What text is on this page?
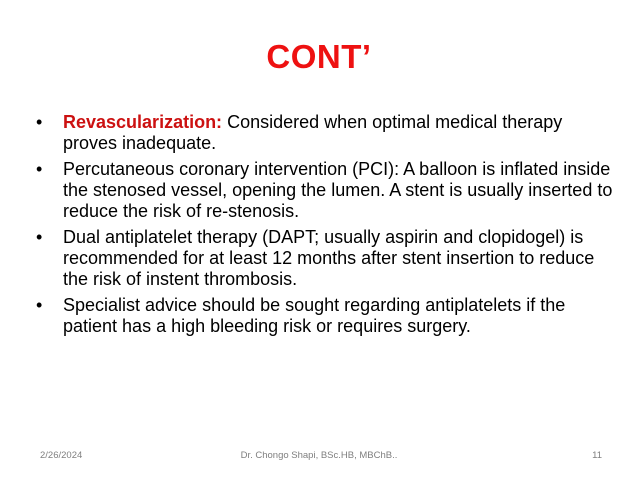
CONT’
• Revascularization: Considered when optimal medical therapy proves inadequate.
• Percutaneous coronary intervention (PCI): A balloon is inflated inside the stenosed vessel, opening the lumen. A stent is usually inserted to reduce the risk of re-stenosis.
• Dual antiplatelet therapy (DAPT; usually aspirin and clopidogel) is recommended for at least 12 months after stent insertion to reduce the risk of instent thrombosis.
• Specialist advice should be sought regarding antiplatelets if the patient has a high bleeding risk or requires surgery.
2/26/2024	Dr. Chongo Shapi, BSc.HB, MBChB..	11
